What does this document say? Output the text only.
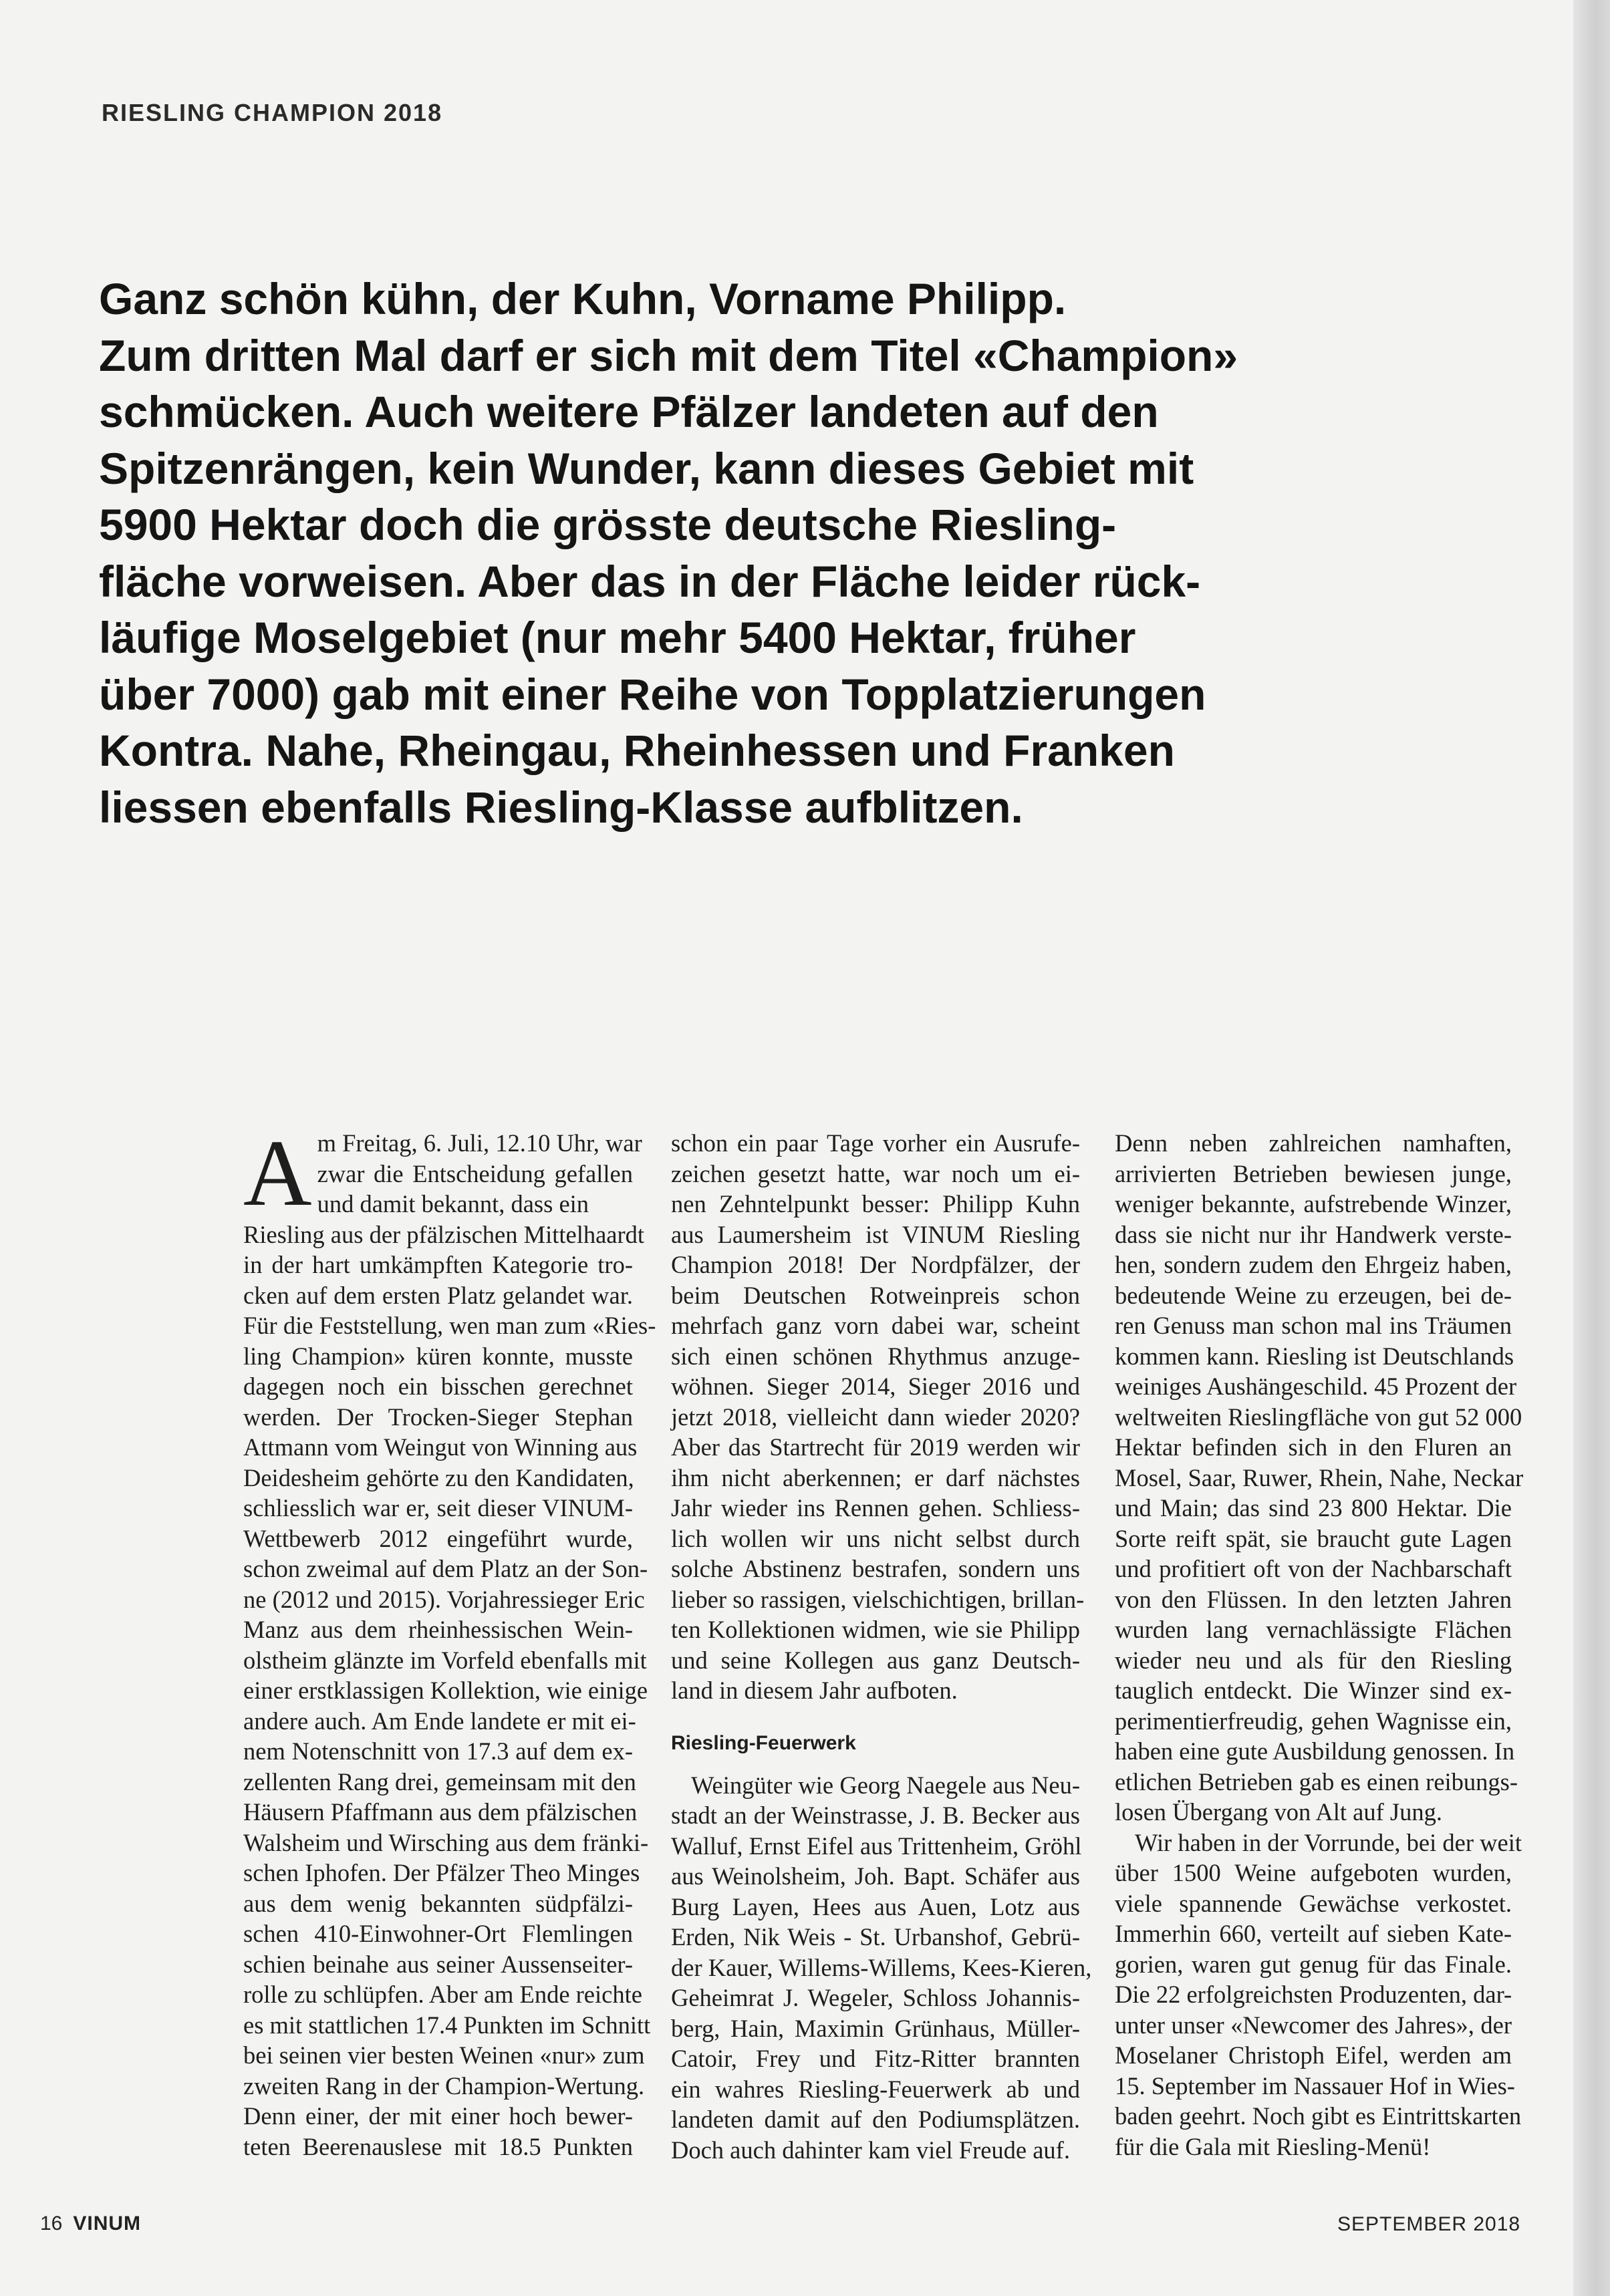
RIESLING CHAMPION 2018
Ganz schön kühn, der Kuhn, Vorname Philipp.
Zum dritten Mal darf er sich mit dem Titel «Champion»
schmücken. Auch weitere Pfälzer landeten auf den
Spitzenrängen, kein Wunder, kann dieses Gebiet mit
5900 Hektar doch die grösste deutsche Riesling-
fläche vorweisen. Aber das in der Fläche leider rück-
läufige Moselgebiet (nur mehr 5400 Hektar, früher
über 7000) gab mit einer Reihe von Topplatzierungen
Kontra. Nahe, Rheingau, Rheinhessen und Franken
liessen ebenfalls Riesling-Klasse aufblitzen.
A m Freitag, 6. Juli, 12.10 Uhr, war
zwar die Entscheidung gefallen
und damit bekannt, dass ein
Riesling aus der pfälzischen Mittelhaardt
in der hart umkämpften Kategorie tro-
cken auf dem ersten Platz gelandet war.
Für die Feststellung, wen man zum «Ries-
ling Champion» küren konnte, musste
dagegen noch ein bisschen gerechnet
werden. Der Trocken-Sieger Stephan
Attmann vom Weingut von Winning aus
Deidesheim gehörte zu den Kandidaten,
schliesslich war er, seit dieser VINUM-
Wettbewerb 2012 eingeführt wurde,
schon zweimal auf dem Platz an der Son-
ne (2012 und 2015). Vorjahressieger Eric
Manz aus dem rheinhessischen Wein-
olstheim glänzte im Vorfeld ebenfalls mit
einer erstklassigen Kollektion, wie einige
andere auch. Am Ende landete er mit ei-
nem Notenschnitt von 17.3 auf dem ex-
zellenten Rang drei, gemeinsam mit den
Häusern Pfaffmann aus dem pfälzischen
Walsheim und Wirsching aus dem fränki-
schen Iphofen. Der Pfälzer Theo Minges
aus dem wenig bekannten südpfälzi-
schen 410-Einwohner-Ort Flemlingen
schien beinahe aus seiner Aussenseiter-
rolle zu schlüpfen. Aber am Ende reichte
es mit stattlichen 17.4 Punkten im Schnitt
bei seinen vier besten Weinen «nur» zum
zweiten Rang in der Champion-Wertung.
Denn einer, der mit einer hoch bewer-
teten Beerenauslese mit 18.5 Punkten
schon ein paar Tage vorher ein Ausrufe-
zeichen gesetzt hatte, war noch um ei-
nen Zehntelpunkt besser: Philipp Kuhn
aus Laumersheim ist VINUM Riesling
Champion 2018! Der Nordpfälzer, der
beim Deutschen Rotweinpreis schon
mehrfach ganz vorn dabei war, scheint
sich einen schönen Rhythmus anzuge-
wöhnen. Sieger 2014, Sieger 2016 und
jetzt 2018, vielleicht dann wieder 2020?
Aber das Startrecht für 2019 werden wir
ihm nicht aberkennen; er darf nächstes
Jahr wieder ins Rennen gehen. Schliess-
lich wollen wir uns nicht selbst durch
solche Abstinenz bestrafen, sondern uns
lieber so rassigen, vielschichtigen, brillan-
ten Kollektionen widmen, wie sie Philipp
und seine Kollegen aus ganz Deutsch-
land in diesem Jahr aufboten.
Riesling-Feuerwerk
Weingüter wie Georg Naegele aus Neu-
stadt an der Weinstrasse, J. B. Becker aus
Walluf, Ernst Eifel aus Trittenheim, Gröhl
aus Weinolsheim, Joh. Bapt. Schäfer aus
Burg Layen, Hees aus Auen, Lotz aus
Erden, Nik Weis - St. Urbanshof, Gebrü-
der Kauer, Willems-Willems, Kees-Kieren,
Geheimrat J. Wegeler, Schloss Johannis-
berg, Hain, Maximin Grünhaus, Müller-
Catoir, Frey und Fitz-Ritter brannten
ein wahres Riesling-Feuerwerk ab und
landeten damit auf den Podiumsplätzen.
Doch auch dahinter kam viel Freude auf.
Denn neben zahlreichen namhaften,
arrivierten Betrieben bewiesen junge,
weniger bekannte, aufstrebende Winzer,
dass sie nicht nur ihr Handwerk verste-
hen, sondern zudem den Ehrgeiz haben,
bedeutende Weine zu erzeugen, bei de-
ren Genuss man schon mal ins Träumen
kommen kann. Riesling ist Deutschlands
weiniges Aushängeschild. 45 Prozent der
weltweiten Rieslingfläche von gut 52 000
Hektar befinden sich in den Fluren an
Mosel, Saar, Ruwer, Rhein, Nahe, Neckar
und Main; das sind 23 800 Hektar. Die
Sorte reift spät, sie braucht gute Lagen
und profitiert oft von der Nachbarschaft
von den Flüssen. In den letzten Jahren
wurden lang vernachlässigte Flächen
wieder neu und als für den Riesling
tauglich entdeckt. Die Winzer sind ex-
perimentierfreudig, gehen Wagnisse ein,
haben eine gute Ausbildung genossen. In
etlichen Betrieben gab es einen reibungs-
losen Übergang von Alt auf Jung.
Wir haben in der Vorrunde, bei der weit
über 1500 Weine aufgeboten wurden,
viele spannende Gewächse verkostet.
Immerhin 660, verteilt auf sieben Kate-
gorien, waren gut genug für das Finale.
Die 22 erfolgreichsten Produzenten, dar-
unter unser «Newcomer des Jahres», der
Moselaner Christoph Eifel, werden am
15. September im Nassauer Hof in Wies-
baden geehrt. Noch gibt es Eintrittskarten
für die Gala mit Riesling-Menü!
16 VINUM	SEPTEMBER 2018
